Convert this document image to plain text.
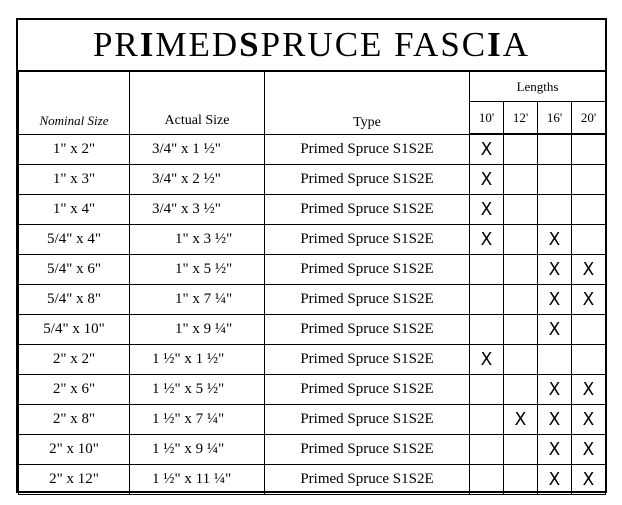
PR I MED S PRUCE FASC I A
Nominal Size	Actual Size	Type	Lengths			
			10'	12'	16'	20'
1" x 2"	3/4" x 1 ½"	Primed Spruce S1S2E	X			
1" x 3"	3/4" x 2 ½"	Primed Spruce S1S2E	X			
1" x 4"	3/4" x 3 ½"	Primed Spruce S1S2E	X			
5/4" x 4"	1" x 3 ½"	Primed Spruce S1S2E	X		X	
5/4" x 6"	1" x 5 ½"	Primed Spruce S1S2E			X	X
5/4" x 8"	1" x 7 ¼"	Primed Spruce S1S2E			X	X
5/4" x 10"	1" x 9 ¼"	Primed Spruce S1S2E			X	
2" x 2"	1 ½" x 1 ½"	Primed Spruce S1S2E	X			
2" x 6"	1 ½" x 5 ½"	Primed Spruce S1S2E			X	X
2" x 8"	1 ½" x 7 ¼"	Primed Spruce S1S2E		X	X	X
2" x 10"	1 ½" x 9 ¼"	Primed Spruce S1S2E			X	X
2" x 12"	1 ½" x 11 ¼"	Primed Spruce S1S2E			X	X
